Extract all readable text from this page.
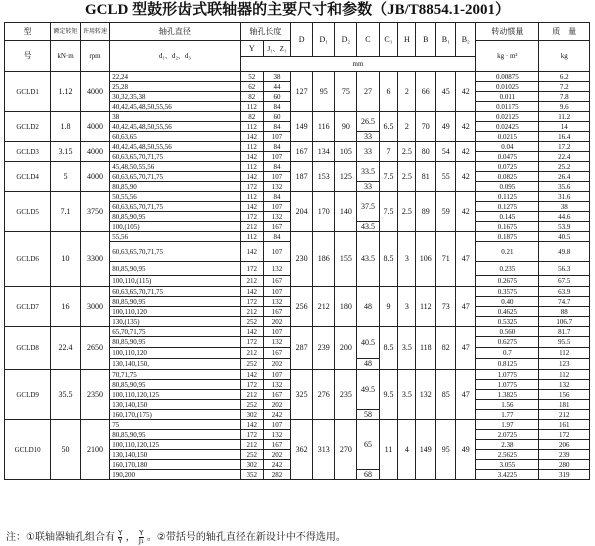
GCLD 型鼓形齿式联轴器的主要尺寸和参数（JB/T8854.1-2001）
型	额定转矩	许用转速	轴孔直径	轴孔长度		D	D₁	D₂	C	C₁	H	B	B₁	B₂	转动惯量	质　量
号	kN·m	rpm	d₁、d₂、d₃	Y	J₁、Z₁										kg · m²	kg
				mm												
GCLD1	1.12	4000	22,24	52	38	127	95	75	27	6	2	66	45	42	0.00875	6.2
			25,28	62	44										0.01025	7.2
			30,32,35,38	82	60										0.011	7.8
			40,42,45,48,50,55,56	112	84										0.01175	9.6
GCLD2	1.8	4000	38	82	60	149	116	90	26.5	6.5	2	70	49	42	0.02125	11.2
			40,42,45,48,50,55,56	112	84										0.02425	14
			60,63,65	142	107				33						0.0215	16.4
GCLD3	3.15	4000	40,42,45,48,50,55,56	112	84	167	134	105	33	7	2.5	80	54	42	0.04	17.2
			60,63,65,70,71,75	142	107										0.0475	22.4
GCLD4	5	4000	45,48,50,55,56	112	84	187	153	125	33.5	7.5	2.5	81	55	42	0.0725	25.2
			60,63,65,70,71,75	142	107										0.0825	26.4
			80,85,90	172	132				33						0.095	35.6
GCLD5	7.1	3750	50,55,56	112	84	204	170	140	37.5	7.5	2.5	89	59	42	0.1125	31.6
			60,63,65,70,71,75	142	107										0.1275	38
			80,85,90,95	172	132										0.145	44.6
			100,(105)	212	167				43.5						0.1675	53.9
GCLD6	10	3300	55,56	112	84	230	186	155	43.5	8.5	3	106	71	47	0.1875	40.5
			60,63,65,70,71,75	142	107										0.21	49.8
			80,85,90,95	172	132										0.235	56.3
			100,110,(115)	212	167										0.2675	67.5
GCLD7	16	3000	60,63,65,70,71,75	142	107	256	212	180	48	9	3	112	73	47	0.3575	63.9
			80,85,90,95	172	132										0.40	74.7
			100,110,120	212	167										0.4625	88
			130,(135)	252	202										0.5325	106.7
GCLD8	22.4	2650	65,70,71,75	142	107	287	239	200	40.5	8.5	3.5	118	82	47	0.560	81.7
			80,85,90,95	172	132										0.6275	95.5
			100,110,120	212	167										0.7	112
			130,140,150,	252	202				48						0.8125	123
GCLD9	35.5	2350	70,71,75	142	107	325	276	235	49.5	9.5	3.5	132	85	47	1.0775	112
			80,85,90,95	172	132										1.0775	132
			100,110,120,125	212	167										1.3825	156
			130,140,150	252	202										1.56	181
			160,170,(175)	302	242				58						1.77	212
GCLD10	50	2100	75	142	107	362	313	270	65	11	4	149	95	49	1.97	161
			80,85,90,95	172	132										2.0725	172
			100,110,120,125	212	167										2.38	206
			130,140,150	252	202										2.5625	239
			160,170,180	302	242										3.055	280
			190,200	352	282				68						3.4225	319
注：①联轴器轴孔组合有 $\frac{Y}{Y}$ ， $\frac{Y}{\text{J₁}}$ 。②带括号的轴孔直径在新设计中不得选用。
